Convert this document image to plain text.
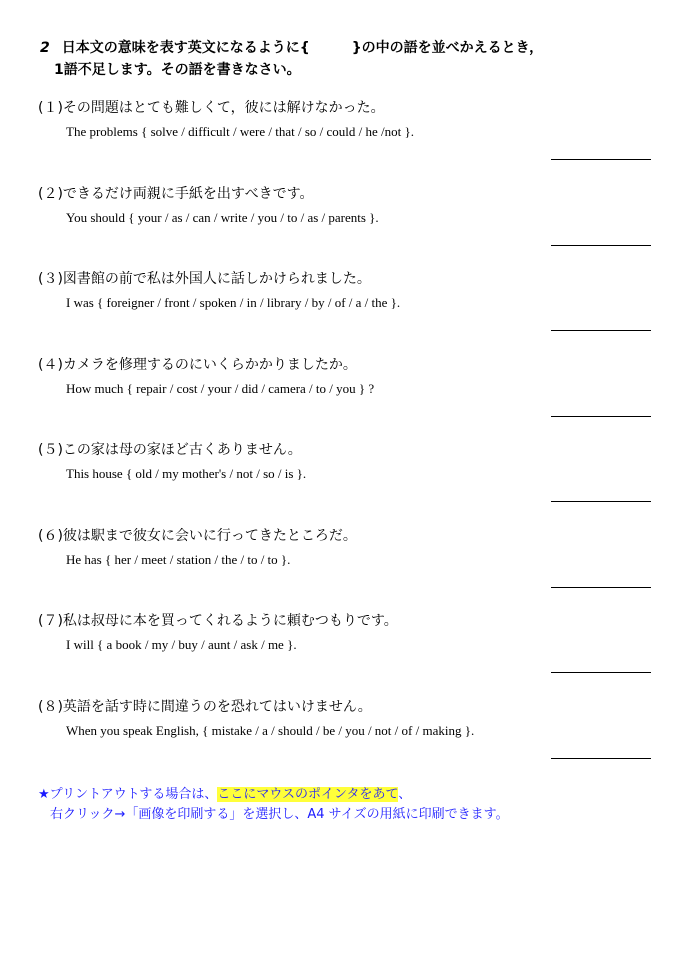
2 日本文の意味を表す英文になるように{　　　}の中の語を並べかえるとき，
1語不足します。その語を書きなさい。
(１)その問題はとても難しくて，彼には解けなかった。
The problems { solve / difficult / were / that / so / could / he /not }.
(２)できるだけ両親に手紙を出すべきです。
You should { your / as / can / write / you / to / as / parents }.
(３)図書館の前で私は外国人に話しかけられました。
I was { foreigner / front / spoken / in / library / by / of / a / the }.
(４)カメラを修理するのにいくらかかりましたか。
How much { repair / cost / your / did / camera / to / you } ?
(５)この家は母の家ほど古くありません。
This house { old / my mother's / not / so / is }.
(６)彼は駅まで彼女に会いに行ってきたところだ。
He has { her / meet / station / the / to / to }.
(７)私は叔母に本を買ってくれるように頼むつもりです。
I will { a book / my / buy / aunt / ask / me }.
(８)英語を話す時に間違うのを恐れてはいけません。
When you speak English, { mistake / a / should / be / you / not / of / making }.
★プリントアウトする場合は、ここにマウスのポインタをあて、
右クリック→「画像を印刷する」を選択し、A4 サイズの用紙に印刷できます。
